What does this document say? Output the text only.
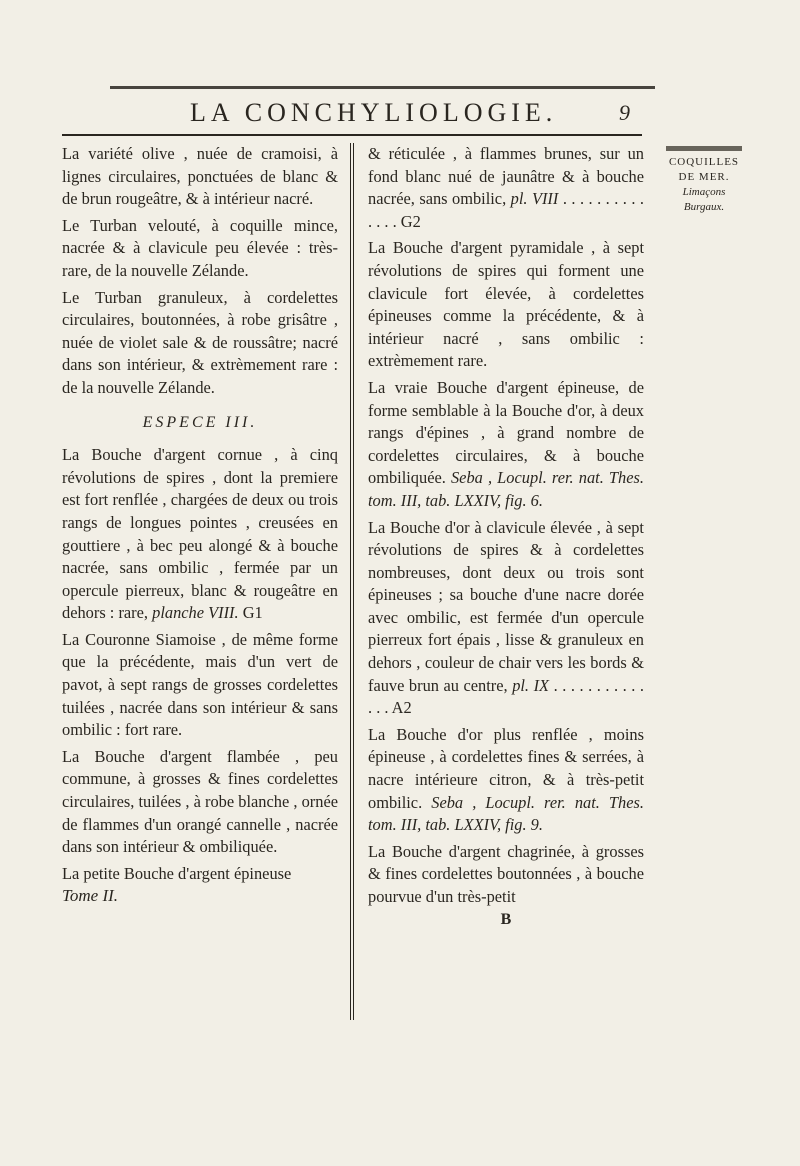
LA CONCHYLIOLOGIE.	9

La variété olive , nuée de cramoisi, à lignes circulaires, ponctuées de blanc & de brun rougeâtre, & à intérieur nacré.

Le Turban velouté, à coquille mince, nacrée & à clavicule peu élevée : très-rare, de la nouvelle Zélande.

Le Turban granuleux, à cordelettes circulaires, boutonnées, à robe grisâtre , nuée de violet sale & de roussâtre; nacré dans son intérieur, & extrèmement rare : de la nouvelle Zélande.

ESPECE III.

La Bouche d'argent cornue , à cinq révolutions de spires , dont la premiere est fort renflée , chargées de deux ou trois rangs de longues pointes , creusées en gouttiere , à bec peu alongé & à bouche nacrée, sans ombilic , fermée par un opercule pierreux, blanc & rougeâtre en dehors : rare, planche VIII. G1

La Couronne Siamoise , de même forme que la précédente, mais d'un vert de pavot, à sept rangs de grosses cordelettes tuilées , nacrée dans son intérieur & sans ombilic : fort rare.

La Bouche d'argent flambée , peu commune, à grosses & fines cordelettes circulaires, tuilées , à robe blanche , ornée de flammes d'un orangé cannelle , nacrée dans son intérieur & ombiliquée.

La petite Bouche d'argent épineuse

Tome II.

& réticulée , à flammes brunes, sur un fond blanc nué de jaunâtre & à bouche nacrée, sans ombilic, pl. VIII . . . . . . . . . . . . . . G2

La Bouche d'argent pyramidale , à sept révolutions de spires qui forment une clavicule fort élevée, à cordelettes épineuses comme la précédente, & à intérieur nacré , sans ombilic : extrèmement rare.

La vraie Bouche d'argent épineuse, de forme semblable à la Bouche d'or, à deux rangs d'épines , à grand nombre de cordelettes circulaires, & à bouche ombiliquée. Seba , Locupl. rer. nat. Thes. tom. III, tab. LXXIV, fig. 6.

La Bouche d'or à clavicule élevée , à sept révolutions de spires & à cordelettes nombreuses, dont deux ou trois sont épineuses ; sa bouche d'une nacre dorée avec ombilic, est fermée d'un opercule pierreux fort épais , lisse & granuleux en dehors , couleur de chair vers les bords & fauve brun au centre, pl. IX . . . . . . . . . . . . . . A2

La Bouche d'or plus renflée , moins épineuse , à cordelettes fines & serrées, à nacre intérieure citron, & à très-petit ombilic. Seba , Locupl. rer. nat. Thes. tom. III, tab. LXXIV, fig. 9.

La Bouche d'argent chagrinée, à grosses & fines cordelettes boutonnées , à bouche pourvue d'un très-petit

B

COQUILLES
DE MER.
Limaçons
Burgaux.
